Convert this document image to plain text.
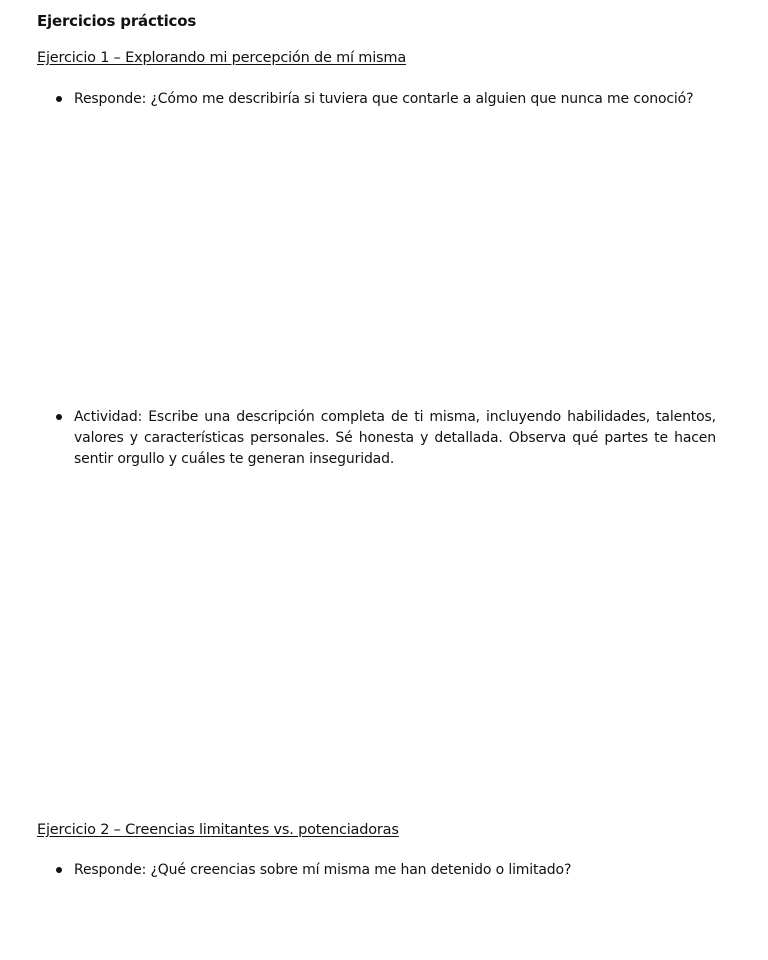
Ejercicios prácticos
Ejercicio 1 – Explorando mi percepción de mí misma
Responde: ¿Cómo me describiría si tuviera que contarle a alguien que nunca me conoció?
Actividad: Escribe una descripción completa de ti misma, incluyendo habilidades, talentos, valores y características personales. Sé honesta y detallada. Observa qué partes te hacen sentir orgullo y cuáles te generan inseguridad.
Ejercicio 2 – Creencias limitantes vs. potenciadoras
Responde: ¿Qué creencias sobre mí misma me han detenido o limitado?
